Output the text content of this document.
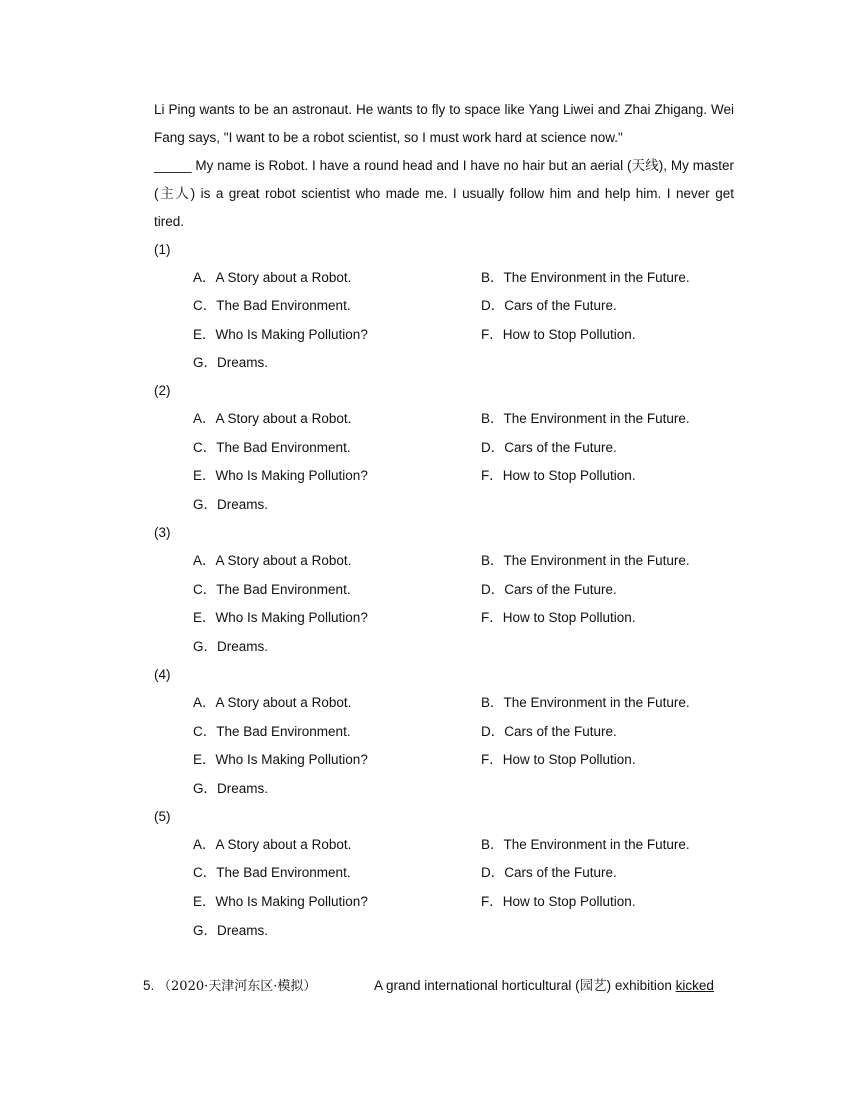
Li Ping wants to be an astronaut. He wants to fly to space like Yang Liwei and Zhai Zhigang. Wei
Fang says, "I want to be a robot scientist, so I must work hard at science now."
_____ My name is Robot. I have a round head and I have no hair but an aerial (天线), My master
(主人) is a great robot scientist who made me. I usually follow him and help him. I never get
tired.
(1)
A．A Story about a Robot.	B．The Environment in the Future.
C．The Bad Environment.	D．Cars of the Future.
E．Who Is Making Pollution?	F．How to Stop Pollution.
G．Dreams.
(2)
A．A Story about a Robot.	B．The Environment in the Future.
C．The Bad Environment.	D．Cars of the Future.
E．Who Is Making Pollution?	F．How to Stop Pollution.
G．Dreams.
(3)
A．A Story about a Robot.	B．The Environment in the Future.
C．The Bad Environment.	D．Cars of the Future.
E．Who Is Making Pollution?	F．How to Stop Pollution.
G．Dreams.
(4)
A．A Story about a Robot.	B．The Environment in the Future.
C．The Bad Environment.	D．Cars of the Future.
E．Who Is Making Pollution?	F．How to Stop Pollution.
G．Dreams.
(5)
A．A Story about a Robot.	B．The Environment in the Future.
C．The Bad Environment.	D．Cars of the Future.
E．Who Is Making Pollution?	F．How to Stop Pollution.
G．Dreams.
5. （2020·天津河东区·模拟）	A grand international horticultural (园艺) exhibition kicked
